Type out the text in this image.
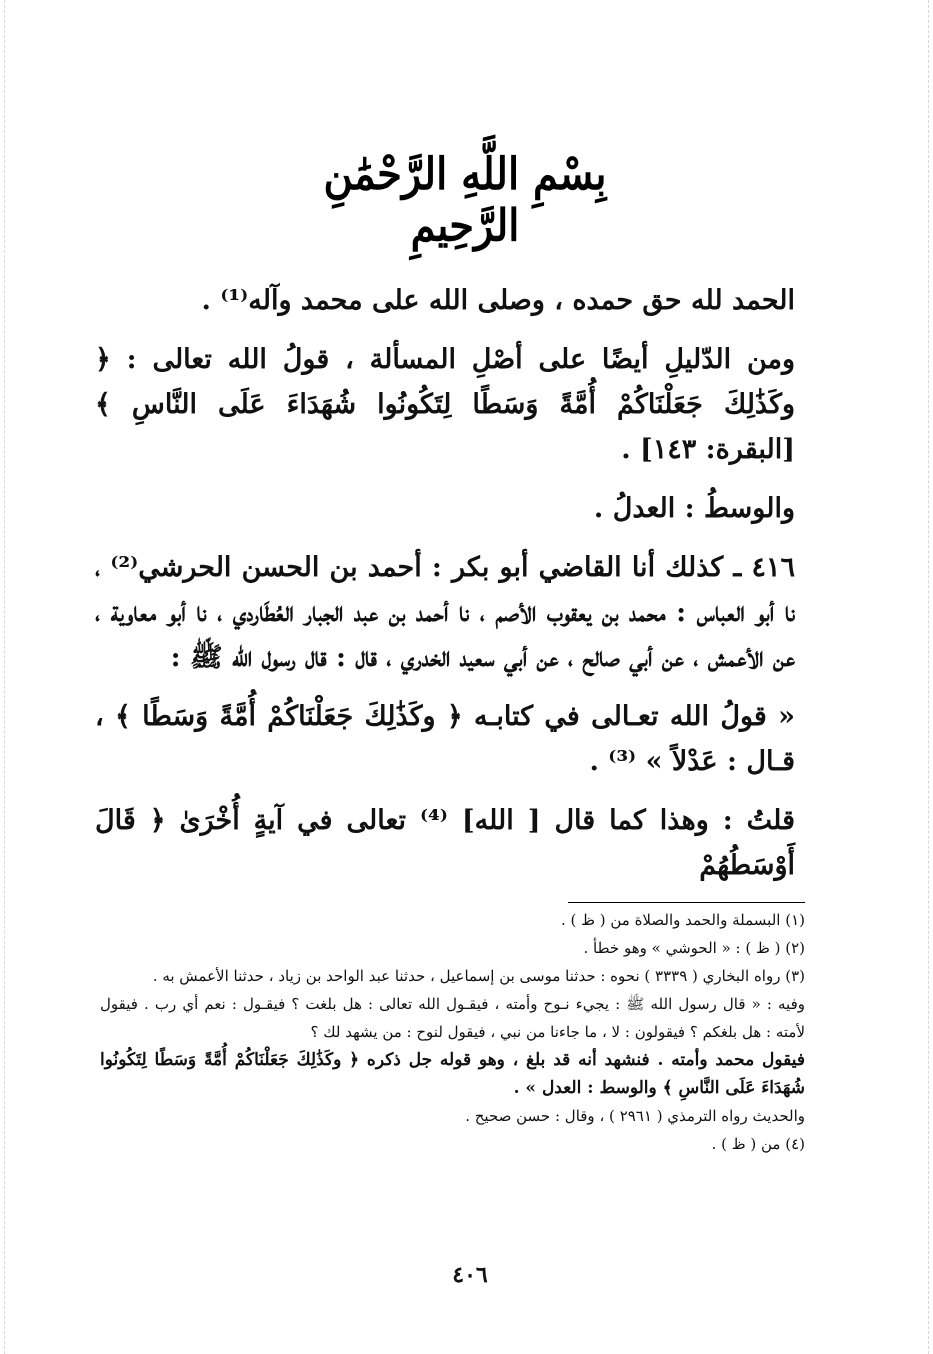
بِسْمِ اللَّهِ الرَّحْمَٰنِ الرَّحِيمِ

الحمد لله حق حمده ، وصلى الله على محمد وآله⁽¹⁾ .

ومن الدّليلِ أيضًا على أصْلِ المسألة ، قولُ الله تعالى : ﴿ وكَذَٰلِكَ جَعَلْنَاكُمْ أُمَّةً وَسَطًا لِتَكُونُوا شُهَدَاءَ عَلَى النَّاسِ ﴾ [البقرة: ١٤٣] .

والوسطُ : العدلُ .

٤١٦ ـ كذلك أنا القاضي أبو بكر : أحمد بن الحسن الحرشي⁽²⁾ ، نا أبو العباس : محمد بن يعقوب الأصم ، نا أحمد بن عبد الجبار العُطَاردي ، نا أبو معاوية ، عن الأعمش ، عن أبي صالح ، عن أبي سعيد الخدري ، قال : قال رسول الله ﷺ :

« قولُ الله تعـالى في كتابـه ﴿ وكَذَٰلِكَ جَعَلْنَاكُمْ أُمَّةً وَسَطًا ﴾ ، قـال : عَدْلاً » ⁽³⁾ .

قلتُ : وهذا كما قال [ الله] ⁽⁴⁾ تعالى في آيةٍ أُخْرَىٰ ﴿ قَالَ أَوْسَطُهُمْ

(١) البسملة والحمد والصلاة من ( ظ ) .

(٢) ( ظ ) : « الحوشي » وهو خطأ .

(٣) رواه البخاري ( ٣٣٣٩ ) نحوه : حدثنا موسى بن إسماعيل ، حدثنا عبد الواحد بن زياد ، حدثنا الأعمش به .

وفيه : « قال رسول الله ﷺ : يجيء نـوح وأمته ، فيقـول الله تعالى : هل بلغت ؟ فيقـول : نعم أي رب . فيقول لأمته : هل بلغكم ؟ فيقولون : لا ، ما جاءنا من نبي ، فيقول لنوح : من يشهد لك ؟

فيقول محمد وأمته . فنشهد أنه قد بلغ ، وهو قوله جل ذكره ﴿ وكَذَٰلِكَ جَعَلْنَاكُمْ أُمَّةً وَسَطًا لِتَكُونُوا شُهَدَاءَ عَلَى النَّاسِ ﴾ والوسط : العدل » .

والحديث رواه الترمذي ( ٢٩٦١ ) ، وقال : حسن صحيح .

(٤) من ( ظ ) .

٤٠٦
